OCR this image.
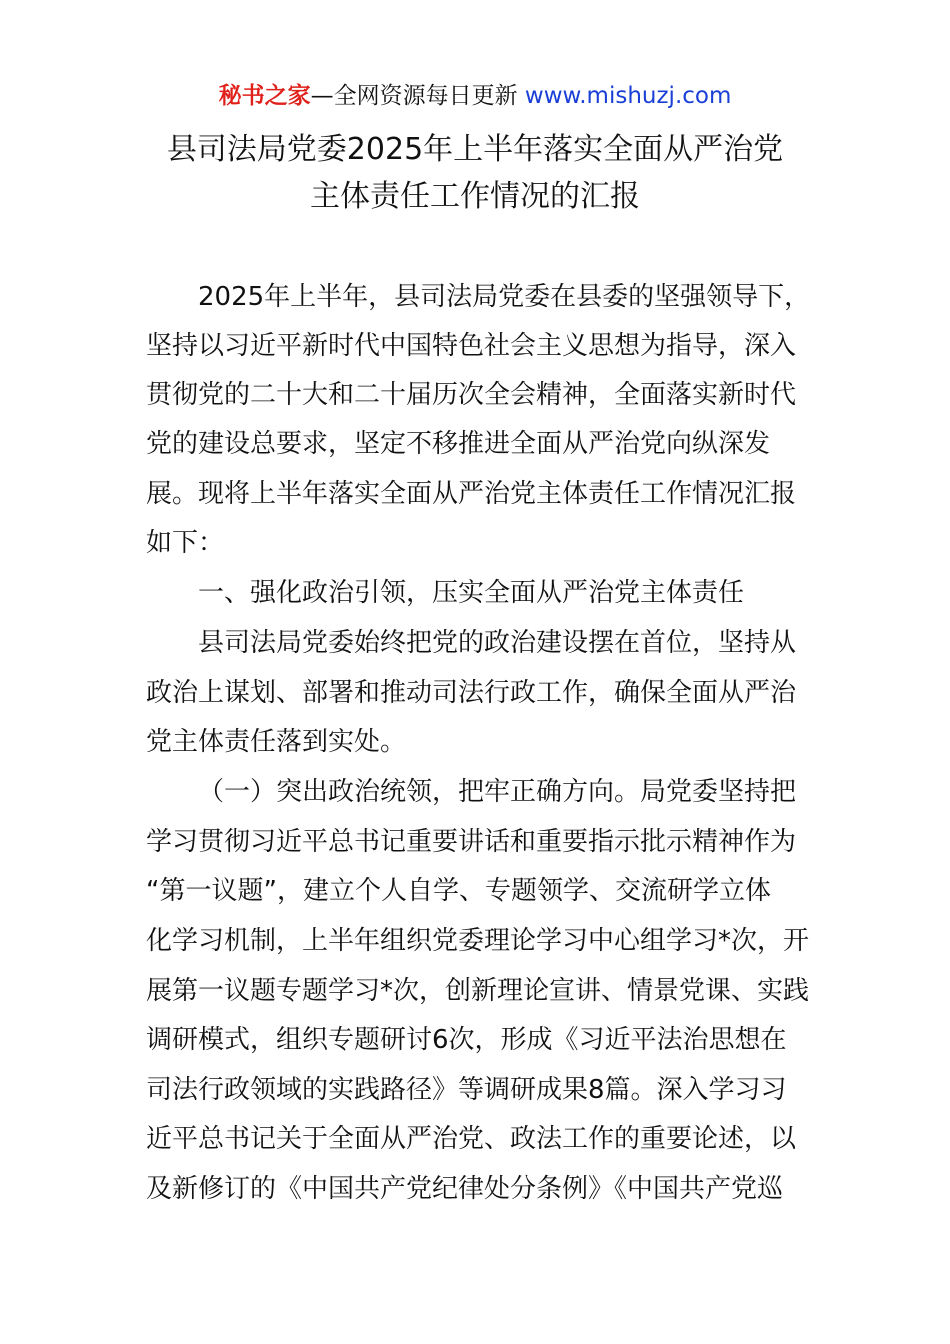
秘书之家—全网资源每日更新 www.mishuzj.com
县司法局党委2025年上半年落实全面从严治党
主体责任工作情况的汇报
2025年上半年，县司法局党委在县委的坚强领导下，
坚持以习近平新时代中国特色社会主义思想为指导，深入
贯彻党的二十大和二十届历次全会精神，全面落实新时代
党的建设总要求，坚定不移推进全面从严治党向纵深发
展。现将上半年落实全面从严治党主体责任工作情况汇报
如下：
一、强化政治引领，压实全面从严治党主体责任
县司法局党委始终把党的政治建设摆在首位，坚持从
政治上谋划、部署和推动司法行政工作，确保全面从严治
党主体责任落到实处。
（一）突出政治统领，把牢正确方向。局党委坚持把
学习贯彻习近平总书记重要讲话和重要指示批示精神作为
“第一议题”，建立个人自学、专题领学、交流研学立体
化学习机制，上半年组织党委理论学习中心组学习*次，开
展第一议题专题学习*次，创新理论宣讲、情景党课、实践
调研模式，组织专题研讨6次，形成《习近平法治思想在
司法行政领域的实践路径》等调研成果8篇。深入学习习
近平总书记关于全面从严治党、政法工作的重要论述，以
及新修订的《中国共产党纪律处分条例》《中国共产党巡
